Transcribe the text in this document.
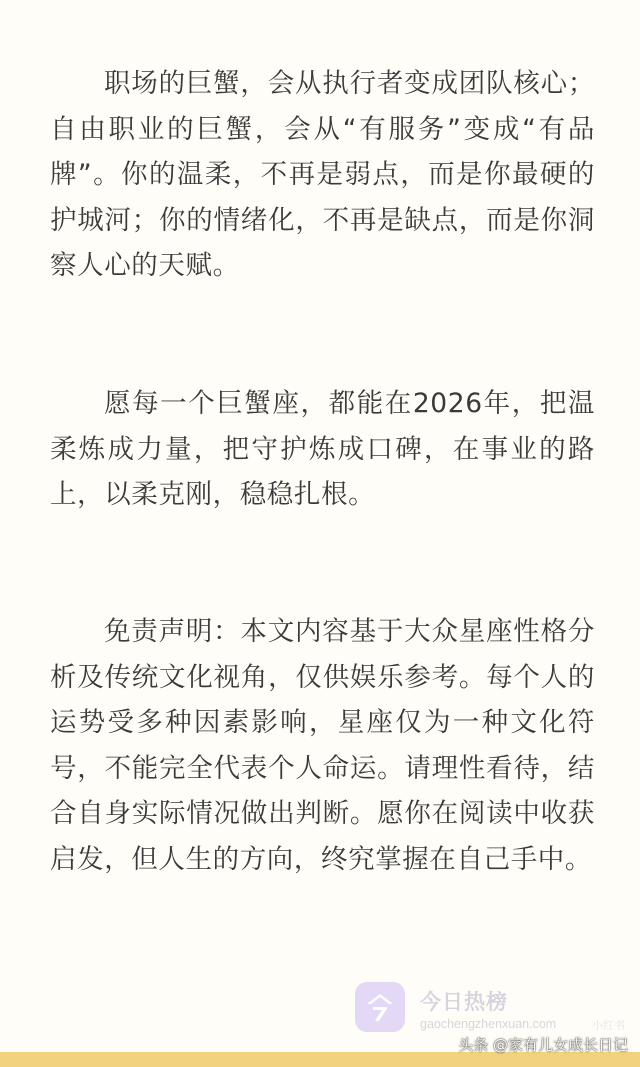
职场的巨蟹，会从执行者变成团队核心；自由职业的巨蟹，会从“有服务”变成“有品牌”。你的温柔，不再是弱点，而是你最硬的护城河；你的情绪化，不再是缺点，而是你洞察人心的天赋。

愿每一个巨蟹座，都能在2026年，把温柔炼成力量，把守护炼成口碑，在事业的路上，以柔克刚，稳稳扎根。

免责声明：本文内容基于大众星座性格分析及传统文化视角，仅供娱乐参考。每个人的运势受多种因素影响，星座仅为一种文化符号，不能完全代表个人命运。请理性看待，结合自身实际情况做出判断。愿你在阅读中收获启发，但人生的方向，终究掌握在自己手中。

今日热榜
gaochengzhenxuan.com	小红书
头条 @家有儿女成长日记
